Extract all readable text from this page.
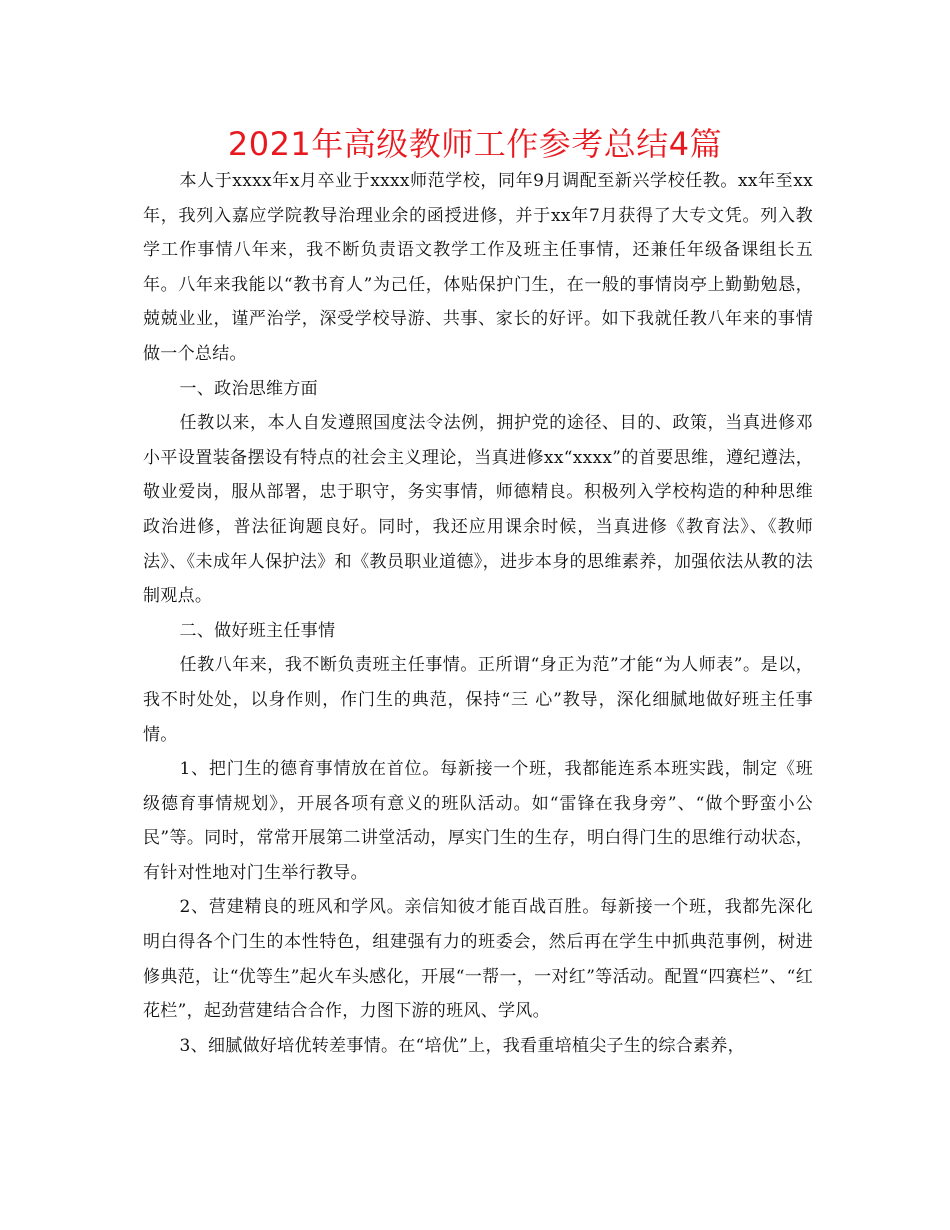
2021年高级教师工作参考总结4篇

本人于xxxx年x月卒业于xxxx师范学校，同年9月调配至新兴学校任教。xx年至xx年，我列入嘉应学院教导治理业余的函授进修，并于xx年7月获得了大专文凭。列入教学工作事情八年来，我不断负责语文教学工作及班主任事情，还兼任年级备课组长五年。八年来我能以“教书育人”为己任，体贴保护门生，在一般的事情岗亭上勤勤勉恳，兢兢业业，谨严治学，深受学校导游、共事、家长的好评。如下我就任教八年来的事情做一个总结。

一、政治思维方面

任教以来，本人自发遵照国度法令法例，拥护党的途径、目的、政策，当真进修邓小平设置装备摆设有特点的社会主义理论，当真进修xx“xxxx”的首要思维，遵纪遵法，敬业爱岗，服从部署，忠于职守，务实事情，师德精良。积极列入学校构造的种种思维政治进修，普法征询题良好。同时，我还应用课余时候，当真进修《教育法》、《教师法》、《未成年人保护法》和《教员职业道德》，进步本身的思维素养，加强依法从教的法制观点。

二、做好班主任事情

任教八年来，我不断负责班主任事情。正所谓“身正为范”才能“为人师表”。是以，我不时处处，以身作则，作门生的典范，保持“三 心”教导，深化细腻地做好班主任事情。

1、把门生的德育事情放在首位。每新接一个班，我都能连系本班实践，制定《班级德育事情规划》，开展各项有意义的班队活动。如“雷锋在我身旁”、“做个野蛮小公民”等。同时，常常开展第二讲堂活动，厚实门生的生存，明白得门生的思维行动状态，有针对性地对门生举行教导。

2、营建精良的班风和学风。亲信知彼才能百战百胜。每新接一个班，我都先深化明白得各个门生的本性特色，组建强有力的班委会，然后再在学生中抓典范事例，树进修典范，让“优等生”起火车头感化，开展“一帮一，一对红”等活动。配置“四赛栏”、“红花栏”，起劲营建结合合作，力图下游的班风、学风。

3、细腻做好培优转差事情。在“培优”上，我看重培植尖子生的综合素养，
